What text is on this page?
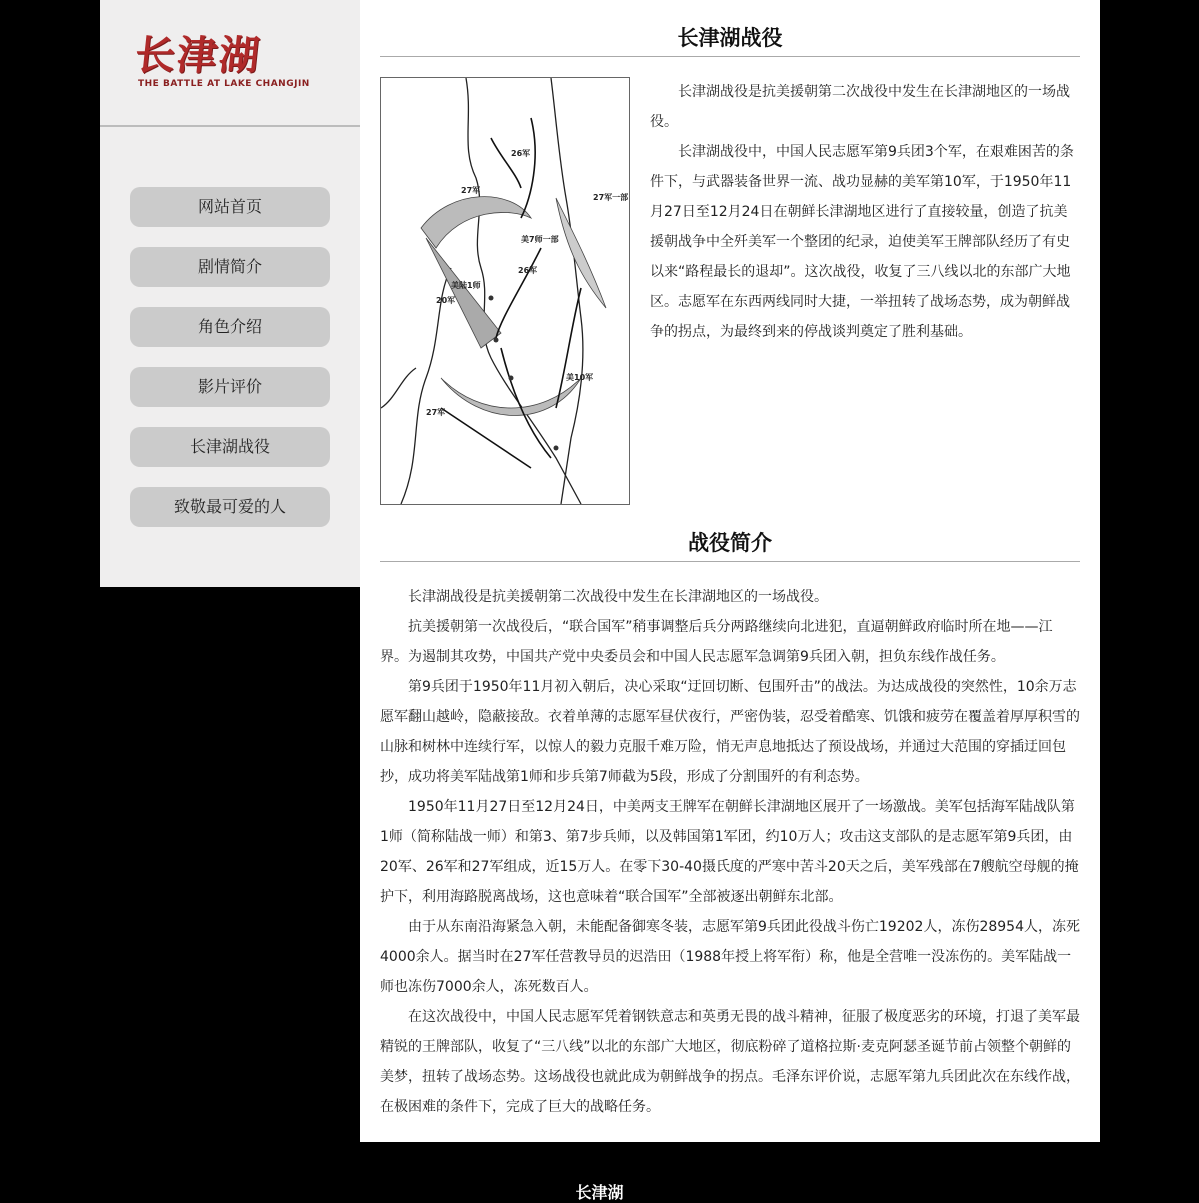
长津湖
THE BATTLE AT LAKE CHANGJIN
网站首页
剧情简介
角色介绍
影片评价
长津湖战役
致敬最可爱的人
长津湖战役
26军
27军
27军一部
美7师一部
26军
20军
美陆1师
美10军
27军

长津湖战役是抗美援朝第二次战役中发生在长津湖地区的一场战役。

长津湖战役中，中国人民志愿军第9兵团3个军，在艰难困苦的条件下，与武器装备世界一流、战功显赫的美军第10军，于1950年11月27日至12月24日在朝鲜长津湖地区进行了直接较量，创造了抗美援朝战争中全歼美军一个整团的纪录，迫使美军王牌部队经历了有史以来“路程最长的退却”。这次战役，收复了三八线以北的东部广大地区。志愿军在东西两线同时大捷，一举扭转了战场态势，成为朝鲜战争的拐点，为最终到来的停战谈判奠定了胜利基础。

战役简介

长津湖战役是抗美援朝第二次战役中发生在长津湖地区的一场战役。

抗美援朝第一次战役后，“联合国军”稍事调整后兵分两路继续向北进犯，直逼朝鲜政府临时所在地——江界。为遏制其攻势，中国共产党中央委员会和中国人民志愿军急调第9兵团入朝，担负东线作战任务。

第9兵团于1950年11月初入朝后，决心采取“迂回切断、包围歼击”的战法。为达成战役的突然性，10余万志愿军翻山越岭，隐蔽接敌。衣着单薄的志愿军昼伏夜行，严密伪装，忍受着酷寒、饥饿和疲劳在覆盖着厚厚积雪的山脉和树林中连续行军，以惊人的毅力克服千难万险，悄无声息地抵达了预设战场，并通过大范围的穿插迂回包抄，成功将美军陆战第1师和步兵第7师截为5段，形成了分割围歼的有利态势。

1950年11月27日至12月24日，中美两支王牌军在朝鲜长津湖地区展开了一场激战。美军包括海军陆战队第1师（简称陆战一师）和第3、第7步兵师，以及韩国第1军团，约10万人；攻击这支部队的是志愿军第9兵团，由20军、26军和27军组成，近15万人。在零下30-40摄氏度的严寒中苦斗20天之后，美军残部在7艘航空母舰的掩护下，利用海路脱离战场，这也意味着“联合国军”全部被逐出朝鲜东北部。

由于从东南沿海紧急入朝，未能配备御寒冬装，志愿军第9兵团此役战斗伤亡19202人，冻伤28954人，冻死4000余人。据当时在27军任营教导员的迟浩田（1988年授上将军衔）称，他是全营唯一没冻伤的。美军陆战一师也冻伤7000余人，冻死数百人。

在这次战役中，中国人民志愿军凭着钢铁意志和英勇无畏的战斗精神，征服了极度恶劣的环境，打退了美军最精锐的王牌部队，收复了“三八线”以北的东部广大地区，彻底粉碎了道格拉斯·麦克阿瑟圣诞节前占领整个朝鲜的美梦，扭转了战场态势。这场战役也就此成为朝鲜战争的拐点。毛泽东评价说，志愿军第九兵团此次在东线作战，在极困难的条件下，完成了巨大的战略任务。

长津湖
